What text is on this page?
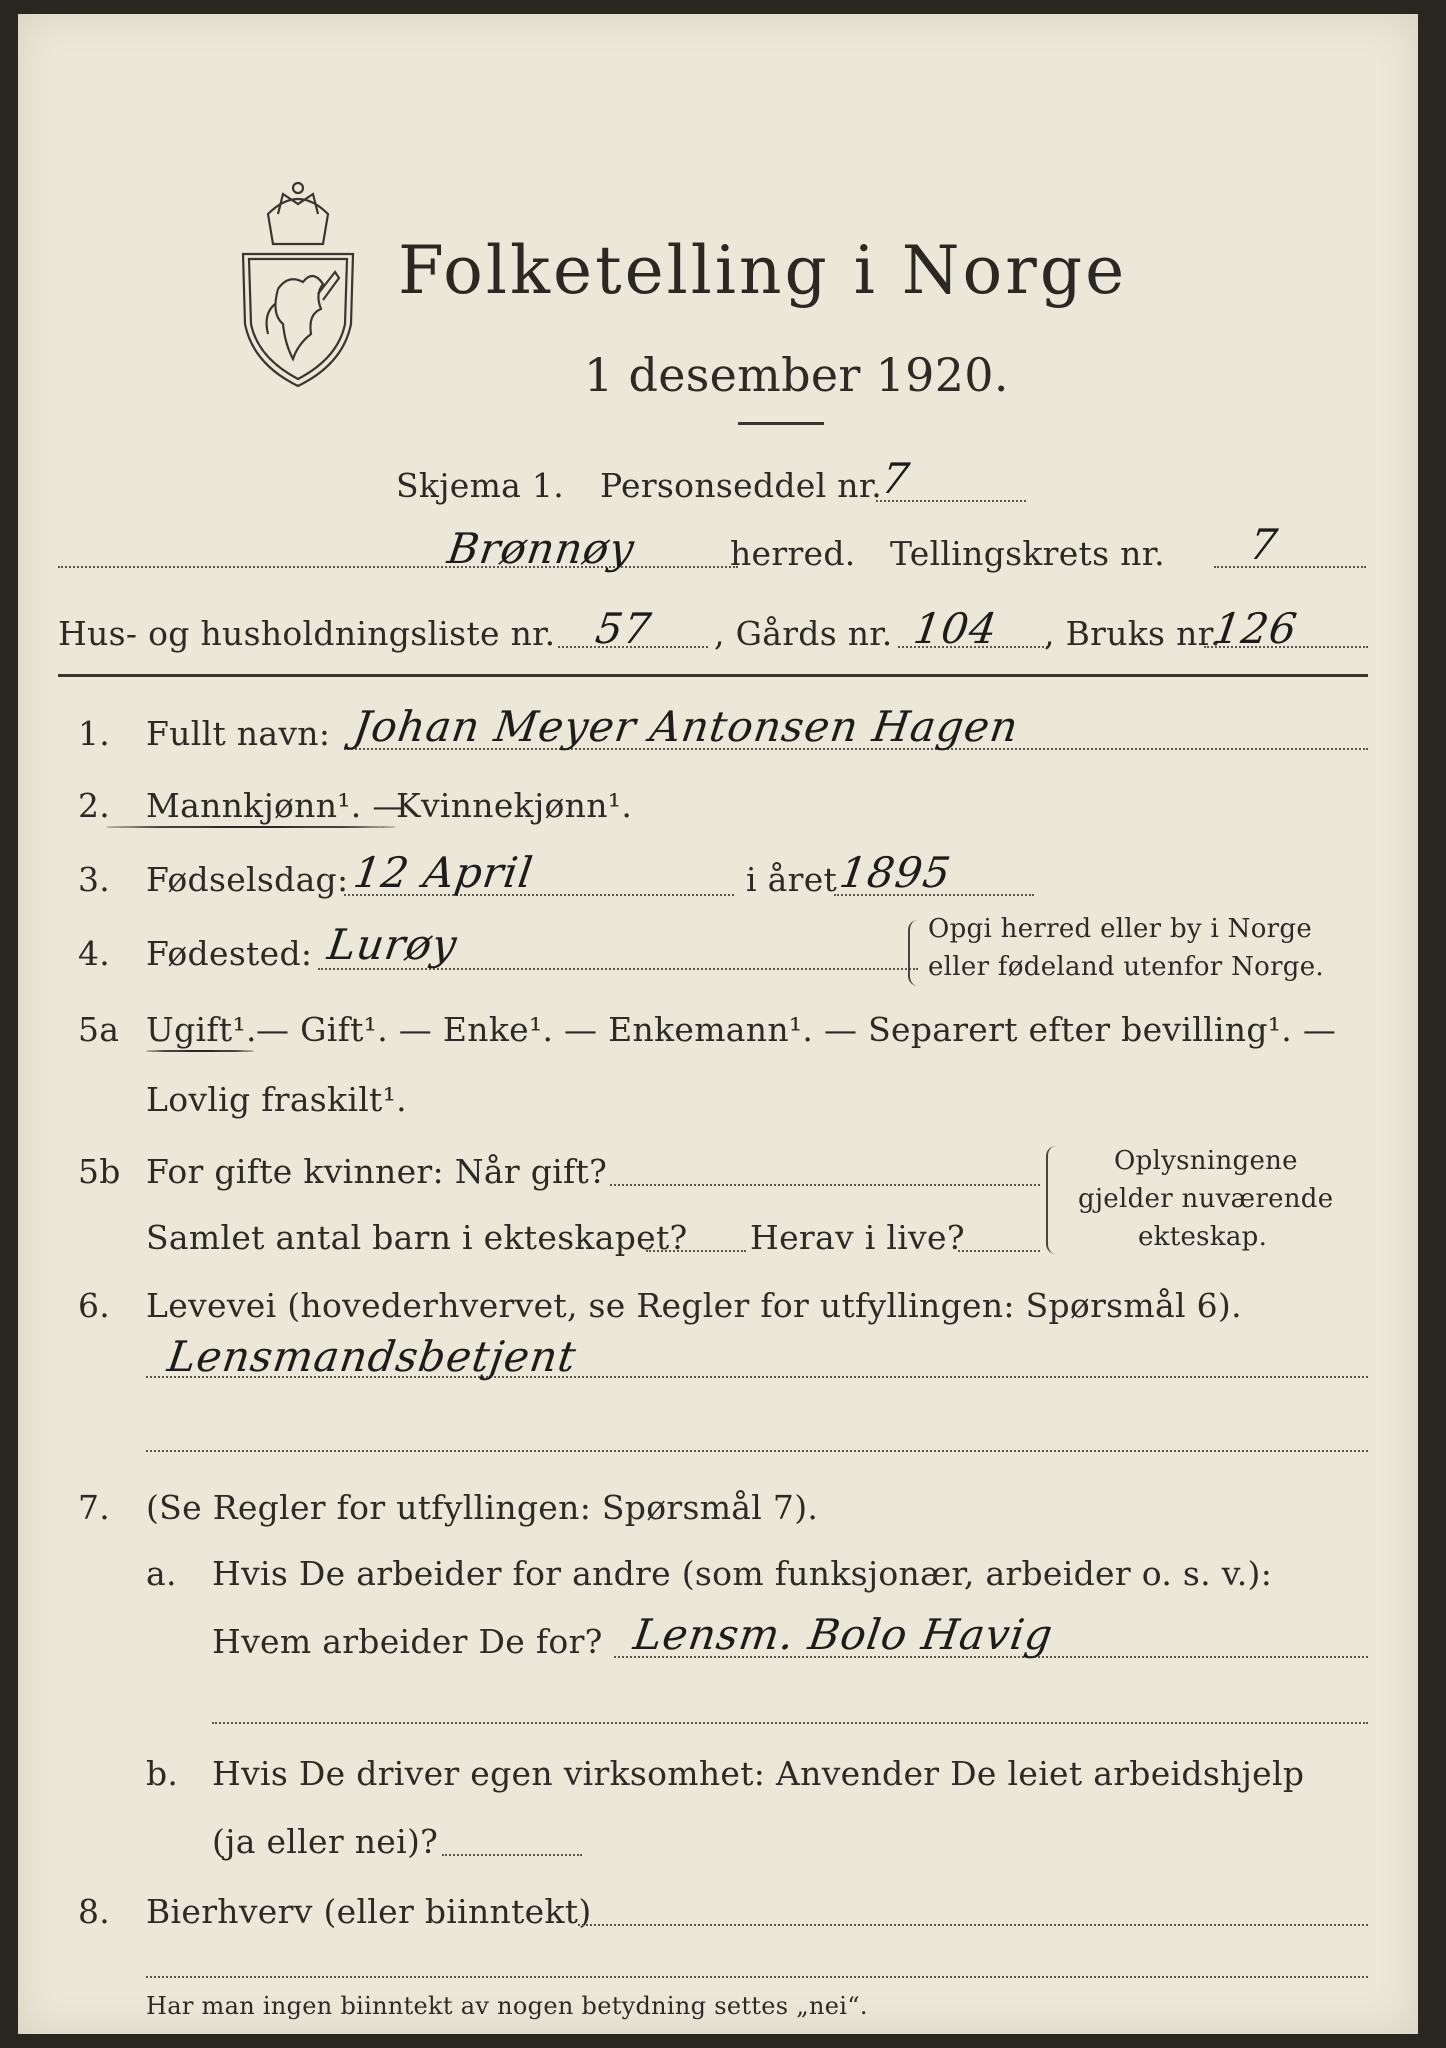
Folketelling i Norge
1 desember 1920.
Skjema 1. Personseddel nr.
7
Brønnøy	herred. Tellingskrets nr. 7
Hus- og husholdningsliste nr. 57 , Gårds nr. 104 , Bruks nr.
126
1. Fullt navn: Johan Meyer Antonsen Hagen
2. Mannkjønn¹. —
Kvinnekjønn¹.
3. Fødselsdag: 12 April	i året 1895
4. Fødested: Lurøy	Opgi herred eller by i Norge
eller fødeland utenfor Norge.
5a Ugift¹. — Gift¹. — Enke¹. — Enkemann¹. — Separert efter bevilling¹. —
Lovlig fraskilt¹.
5b For gifte kvinner: Når gift?
Samlet antal barn i ekteskapet? Herav i live?
Oplysningene
gjelder nuværende
ekteskap.
6. Levevei (hovederhvervet, se Regler for utfyllingen: Spørsmål 6).
Lensmandsbetjent
7. (Se Regler for utfyllingen: Spørsmål 7).
a. Hvis De arbeider for andre (som funksjonær, arbeider o. s. v.):
Hvem arbeider De for? Lensm. Bolo Havig
b. Hvis De driver egen virksomhet: Anvender De leiet arbeidshjelp
(ja eller nei)?
8. Bierhverv (eller biinntekt)
Har man ingen biinntekt av nogen betydning settes „nei“.
